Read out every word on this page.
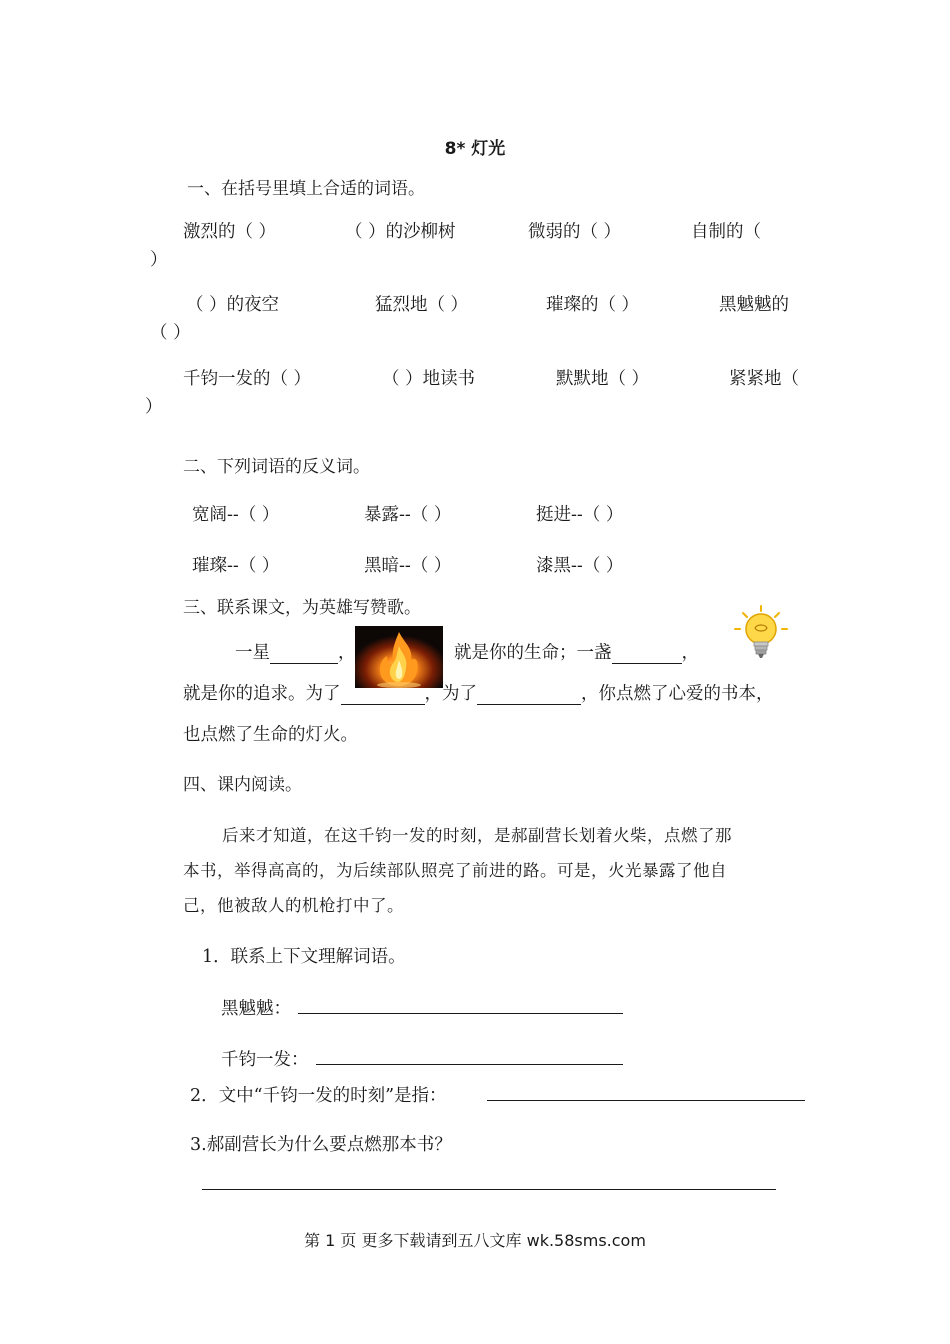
8* 灯光
一、在括号里填上合适的词语。
激烈的（ ）	（ ）的沙柳树	微弱的（ ）	自制的（
）
（ ）的夜空	猛烈地（ ）	璀璨的（ ）	黑魆魆的
（ ）
千钧一发的（ ）	（ ）地读书	默默地（ ）	紧紧地（
）
二、下列词语的反义词。
宽阔--（ ）	暴露--（ ）	挺进--（ ）
璀璨--（ ）	黑暗--（ ）	漆黑--（ ）
三、联系课文，为英雄写赞歌。
一星	，	就是你的生命；一盏	，
就是你的追求。为了	，为了	，你点燃了心爱的书本，
也点燃了生命的灯火。
四、课内阅读。
后来才知道，在这千钧一发的时刻，是郝副营长划着火柴，点燃了那
本书，举得高高的，为后续部队照亮了前进的路。可是，火光暴露了他自
己，他被敌人的机枪打中了。
1．联系上下文理解词语。
黑魆魆：
千钧一发：
2．文中“千钧一发的时刻”是指：
3.郝副营长为什么要点燃那本书？
第 1 页 更多下载请到五八文库 wk.58sms.com
